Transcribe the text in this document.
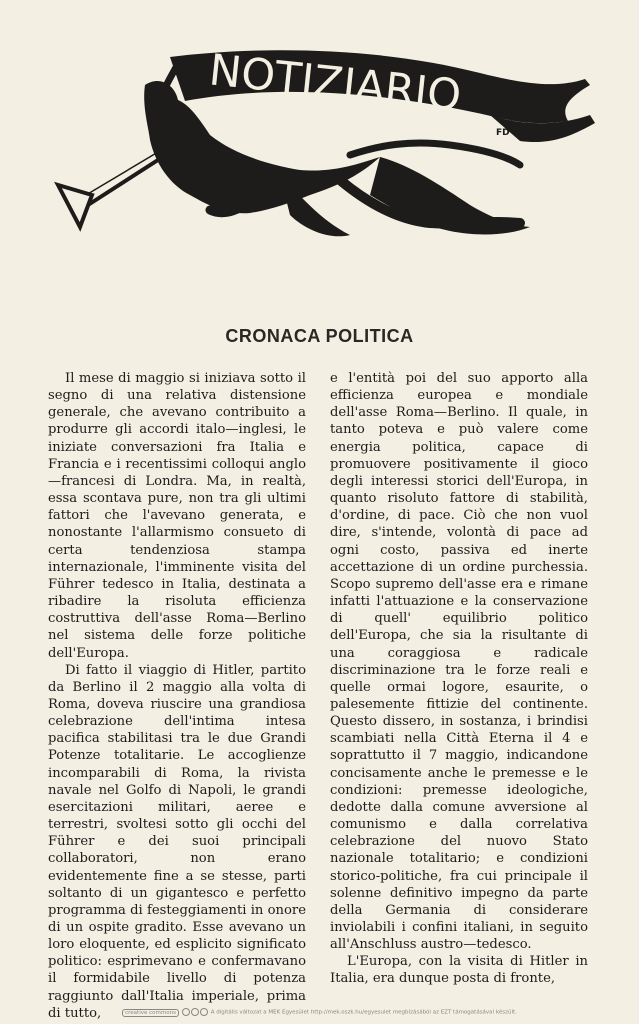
NOTIZIARIO
FD
CRONACA POLITICA

Il mese di maggio si iniziava sotto il segno di una relativa distensione generale, che avevano contribuito a produrre gli accordi italo—inglesi, le iniziate conversazioni fra Italia e Francia e i recentissimi colloqui anglo—francesi di Londra. Ma, in realtà, essa scontava pure, non tra gli ultimi fattori che l'avevano generata, e nonostante l'allarmismo consueto di certa tendenziosa stampa internazionale, l'imminente visita del Führer tedesco in Italia, destinata a ribadire la risoluta efficienza costruttiva dell'asse Roma—Berlino nel sistema delle forze politiche dell'Europa.

Di fatto il viaggio di Hitler, partito da Berlino il 2 maggio alla volta di Roma, doveva riuscire una grandiosa celebrazione dell'intima intesa pacifica stabilitasi tra le due Grandi Potenze totalitarie. Le accoglienze incomparabili di Roma, la rivista navale nel Golfo di Napoli, le grandi esercitazioni militari, aeree e terrestri, svoltesi sotto gli occhi del Führer e dei suoi principali collaboratori, non erano evidentemente fine a se stesse, parti soltanto di un gigantesco e perfetto programma di festeggiamenti in onore di un ospite gradito. Esse avevano un loro eloquente, ed esplicito significato politico: esprimevano e confermavano il formidabile livello di potenza raggiunto dall'Italia imperiale, prima di tutto,

e l'entità poi del suo apporto alla efficienza europea e mondiale dell'asse Roma—Berlino. Il quale, in tanto poteva e può valere come energia politica, capace di promuovere positivamente il gioco degli interessi storici dell'Europa, in quanto risoluto fattore di stabilità, d'ordine, di pace. Ciò che non vuol dire, s'intende, volontà di pace ad ogni costo, passiva ed inerte accettazione di un ordine purchessia. Scopo supremo dell'asse era e rimane infatti l'attuazione e la conservazione di quell' equilibrio politico dell'Europa, che sia la risultante di una coraggiosa e radicale discriminazione tra le forze reali e quelle ormai logore, esaurite, o palesemente fittizie del continente. Questo dissero, in sostanza, i brindisi scambiati nella Città Eterna il 4 e soprattutto il 7 maggio, indicandone concisamente anche le premesse e le condizioni: premesse ideologiche, dedotte dalla comune avversione al comunismo e dalla correlativa celebrazione del nuovo Stato nazionale totalitario; e condizioni storico-politiche, fra cui principale il solenne definitivo impegno da parte della Germania di considerare inviolabili i confini italiani, in seguito all'Anschluss austro—tedesco.

L'Europa, con la visita di Hitler in Italia, era dunque posta di fronte,

creative commons	A digitális változat a MEK Egyesület http://mek.oszk.hu/egyesulet megbízásából az EZT támogatásával készült.
